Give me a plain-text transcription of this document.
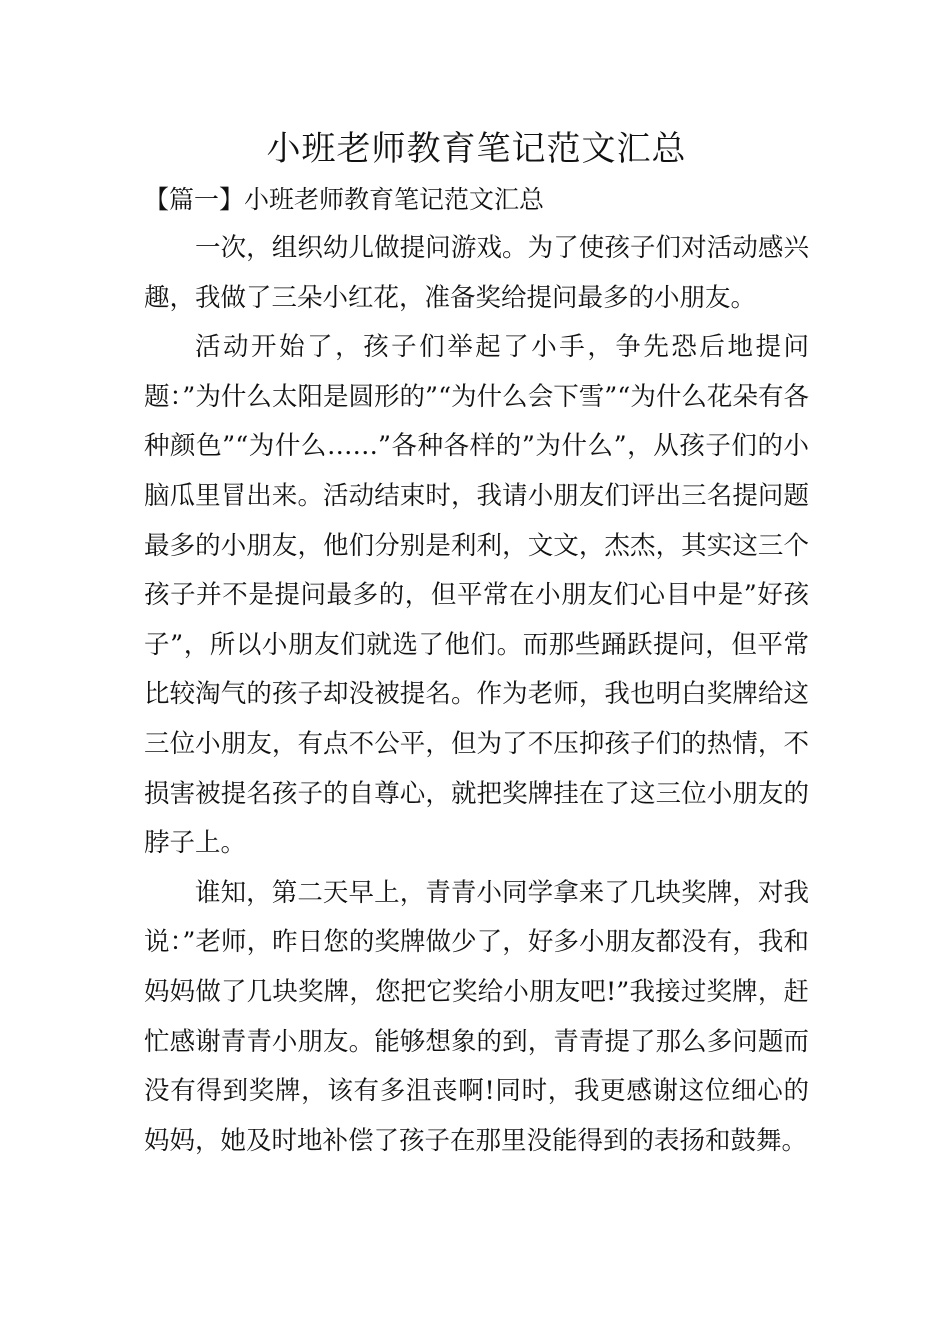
小班老师教育笔记范文汇总
【篇一】小班老师教育笔记范文汇总

一次，组织幼儿做提问游戏。为了使孩子们对活动感兴趣，我做了三朵小红花，准备奖给提问最多的小朋友。

活动开始了，孩子们举起了小手，争先恐后地提问题：”为什么太阳是圆形的”“为什么会下雪”“为什么花朵有各种颜色”“为什么……”各种各样的”为什么”，从孩子们的小脑瓜里冒出来。活动结束时，我请小朋友们评出三名提问题最多的小朋友，他们分别是利利，文文，杰杰，其实这三个孩子并不是提问最多的，但平常在小朋友们心目中是”好孩子”，所以小朋友们就选了他们。而那些踊跃提问，但平常比较淘气的孩子却没被提名。作为老师，我也明白奖牌给这三位小朋友，有点不公平，但为了不压抑孩子们的热情，不损害被提名孩子的自尊心，就把奖牌挂在了这三位小朋友的脖子上。

谁知，第二天早上，青青小同学拿来了几块奖牌，对我说：”老师，昨日您的奖牌做少了，好多小朋友都没有，我和妈妈做了几块奖牌，您把它奖给小朋友吧!”我接过奖牌，赶忙感谢青青小朋友。能够想象的到，青青提了那么多问题而没有得到奖牌，该有多沮丧啊!同时，我更感谢这位细心的妈妈，她及时地补偿了孩子在那里没能得到的表扬和鼓舞。
